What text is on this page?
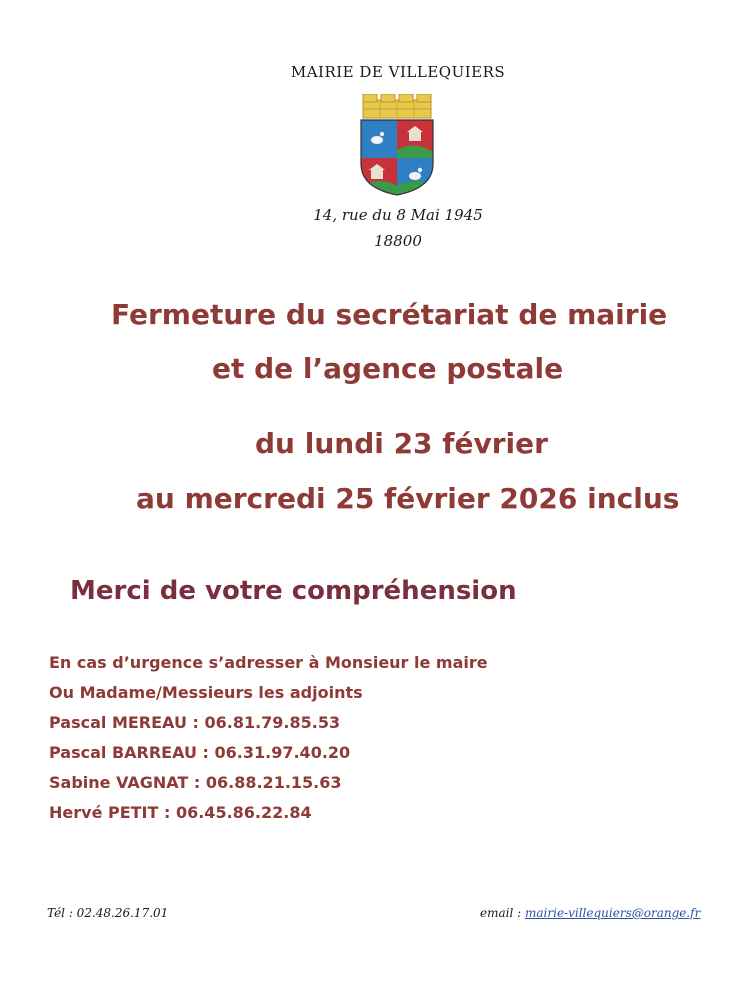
MAIRIE DE VILLEQUIERS
14, rue du 8 Mai 1945
18800
Fermeture du secrétariat de mairie
et de l’agence postale
du lundi 23 février
au mercredi 25 février 2026 inclus
Merci de votre compréhension
En cas d’urgence s’adresser à Monsieur le maire
Ou Madame/Messieurs les adjoints
Pascal MEREAU : 06.81.79.85.53
Pascal BARREAU : 06.31.97.40.20
Sabine VAGNAT : 06.88.21.15.63
Hervé PETIT : 06.45.86.22.84
Tél : 02.48.26.17.01	email : mairie-villequiers@orange.fr
